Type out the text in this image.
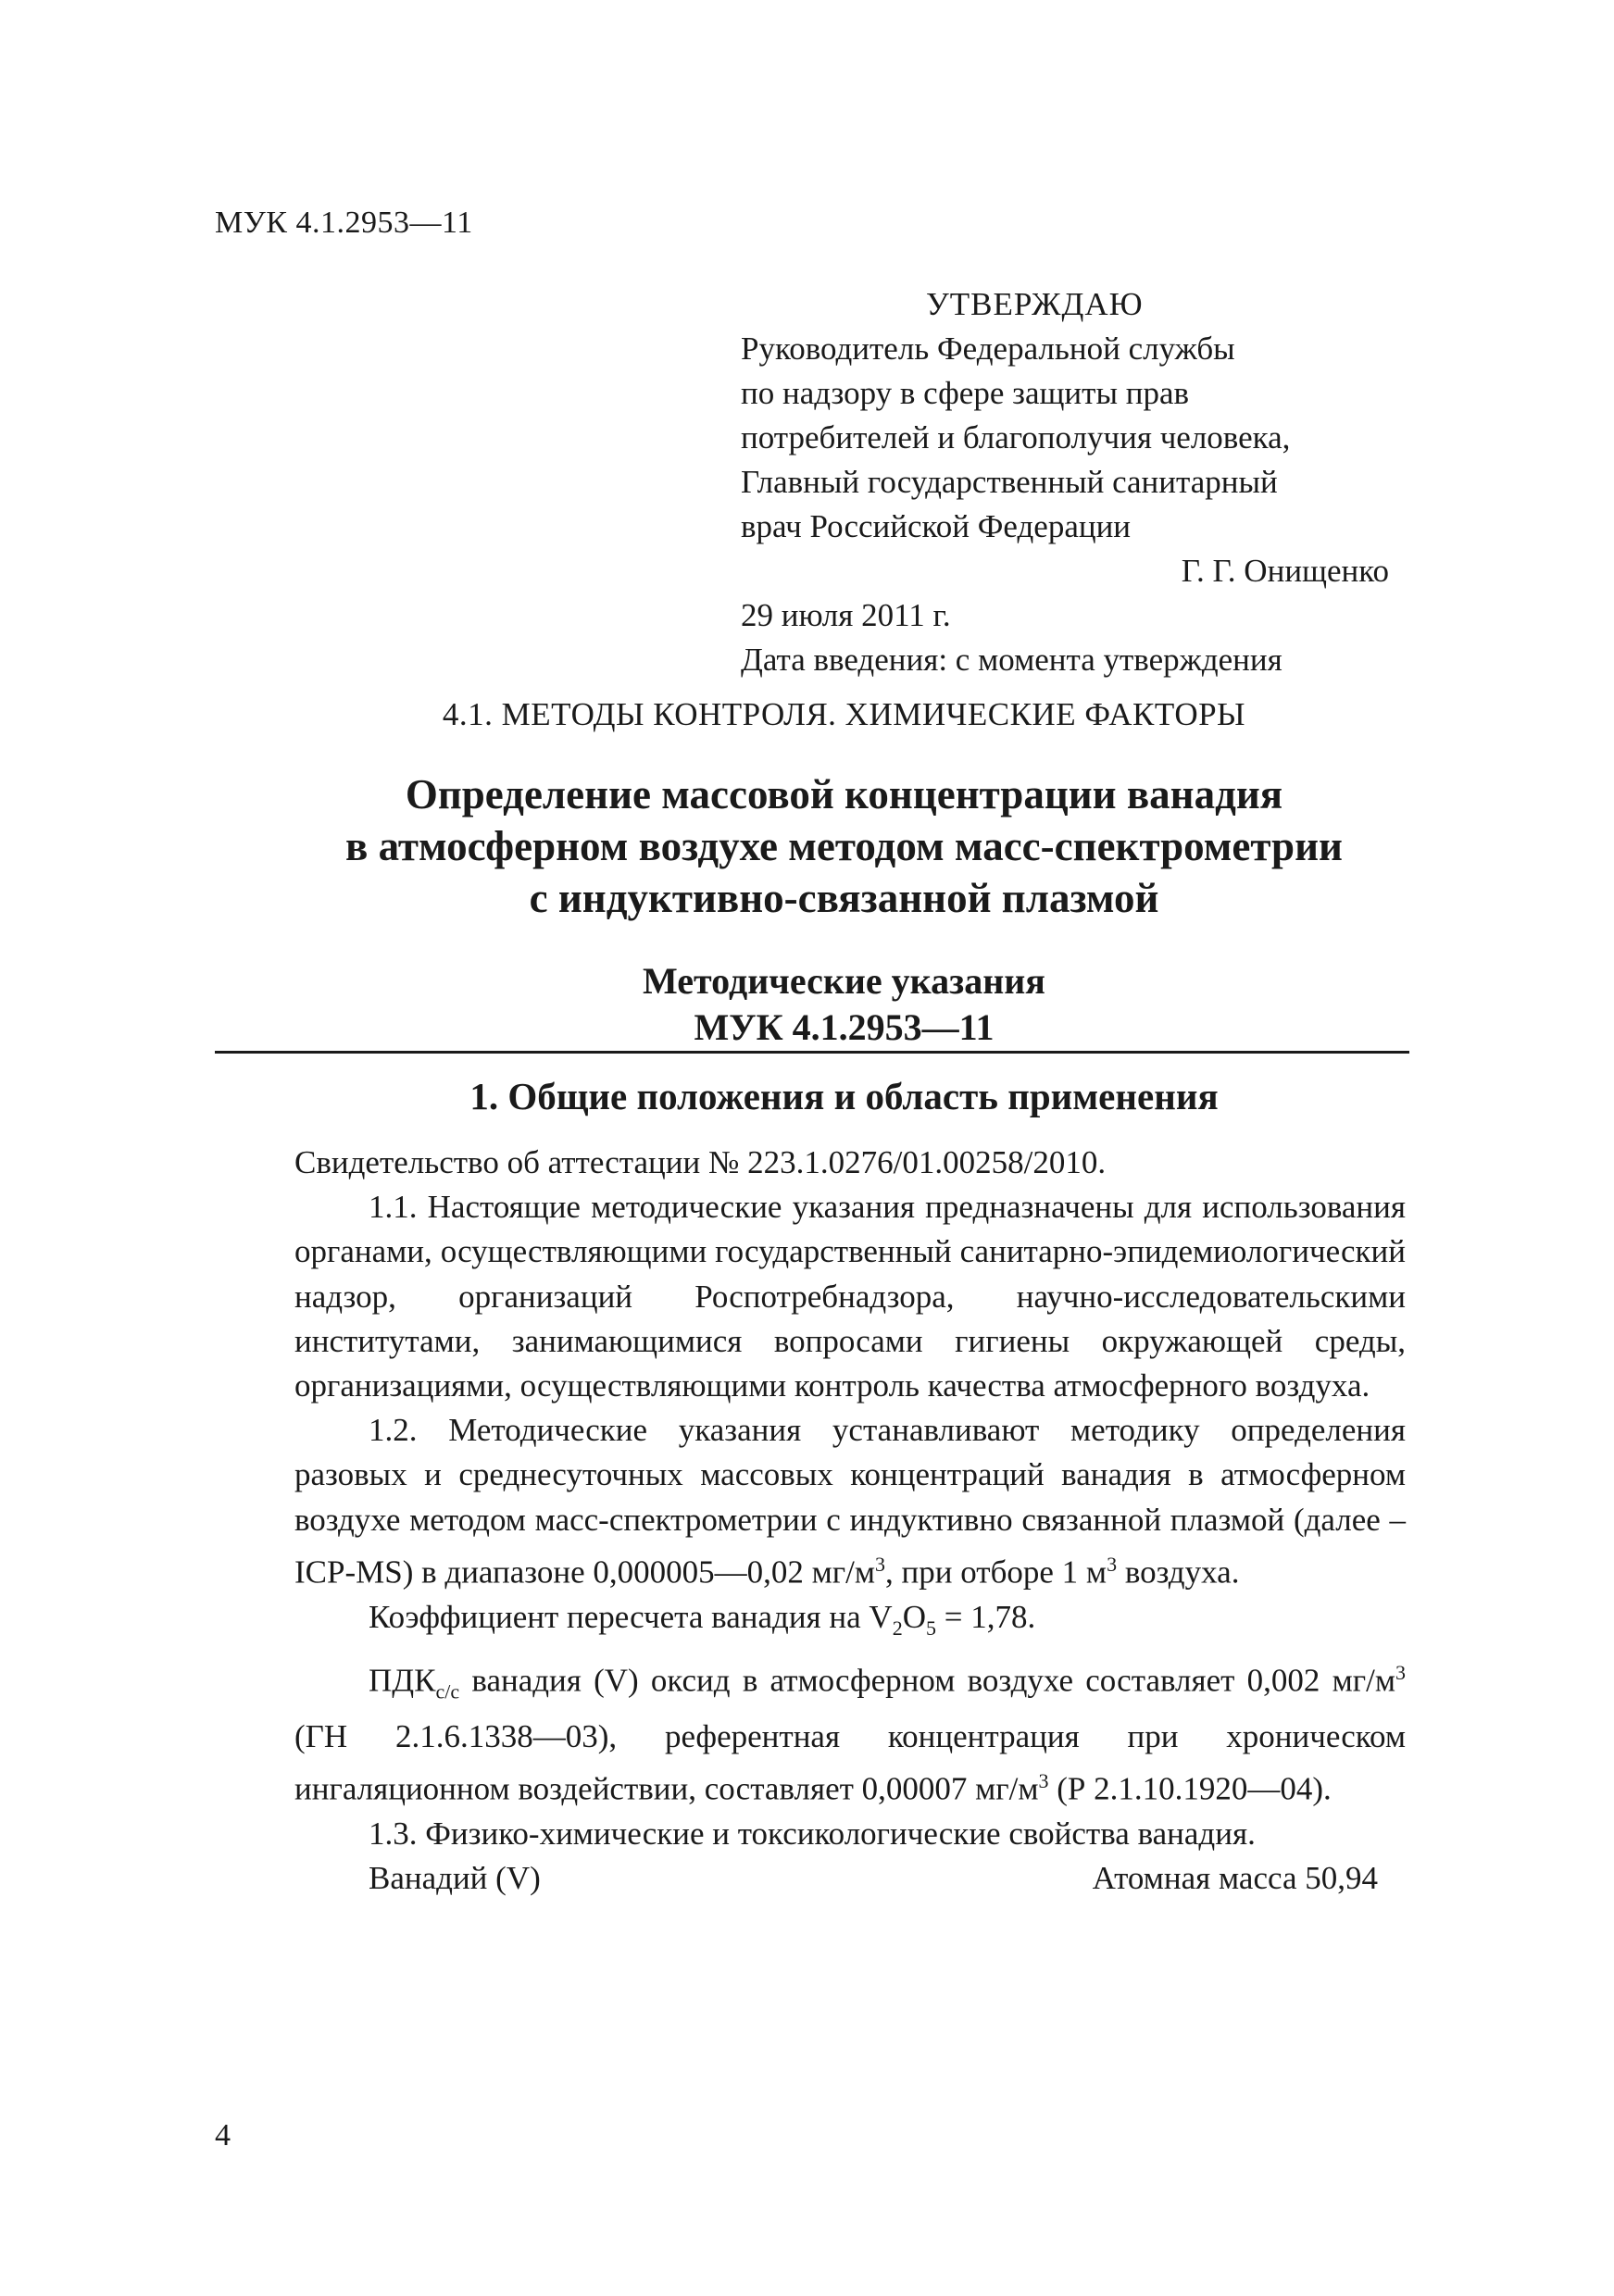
МУК 4.1.2953—11
УТВЕРЖДАЮ
Руководитель Федеральной службы
по надзору в сфере защиты прав
потребителей и благополучия человека,
Главный государственный санитарный
врач Российской Федерации
Г. Г. Онищенко
29 июля 2011 г.
Дата введения: с момента утверждения
4.1. МЕТОДЫ КОНТРОЛЯ. ХИМИЧЕСКИЕ ФАКТОРЫ
Определение массовой концентрации ванадия
в атмосферном воздухе методом масс-спектрометрии
с индуктивно-связанной плазмой
Методические указания
МУК 4.1.2953—11
1. Общие положения и область применения

Свидетельство об аттестации № 223.1.0276/01.00258/2010.

1.1. Настоящие методические указания предназначены для использования органами, осуществляющими государственный санитарно-эпидемиологический надзор, организаций Роспотребнадзора, научно-исследовательскими институтами, занимающимися вопросами гигиены окружающей среды, организациями, осуществляющими контроль качества атмосферного воздуха.

1.2. Методические указания устанавливают методику определения разовых и среднесуточных массовых концентраций ванадия в атмосферном воздухе методом масс-спектрометрии с индуктивно связанной плазмой (далее – ICP-MS) в диапазоне 0,000005—0,02 $мг/м^3$, при отборе 1 $м^3$ воздуха.

Коэффициент пересчета ванадия на $V_2O_5 = 1,78$.

$ПДК_{с/с}$ ванадия (V) оксид в атмосферном воздухе составляет 0,002 $мг/м^3$ (ГН 2.1.6.1338—03), референтная концентрация при хроническом ингаляционном воздействии, составляет 0,00007 $мг/м^3$ (Р 2.1.10.1920—04).

1.3. Физико-химические и токсикологические свойства ванадия.

Ванадий (V)	Атомная масса 50,94
4
